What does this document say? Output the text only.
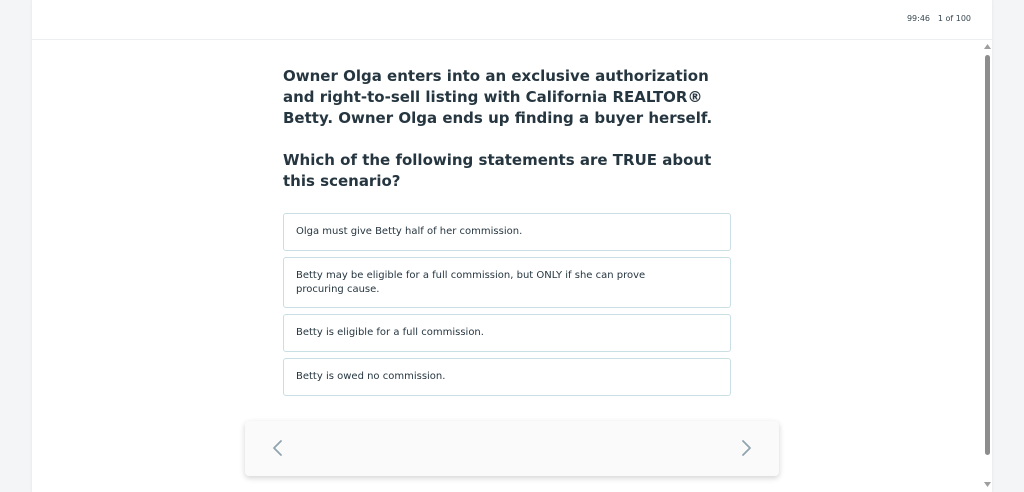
99:46 1 of 100

Owner Olga enters into an exclusive authorization and right-to-sell listing with California REALTOR® Betty. Owner Olga ends up finding a buyer herself.

Which of the following statements are TRUE about this scenario?

Olga must give Betty half of her commission.
Betty may be eligible for a full commission, but ONLY if she can prove procuring cause.
Betty is eligible for a full commission.
Betty is owed no commission.
